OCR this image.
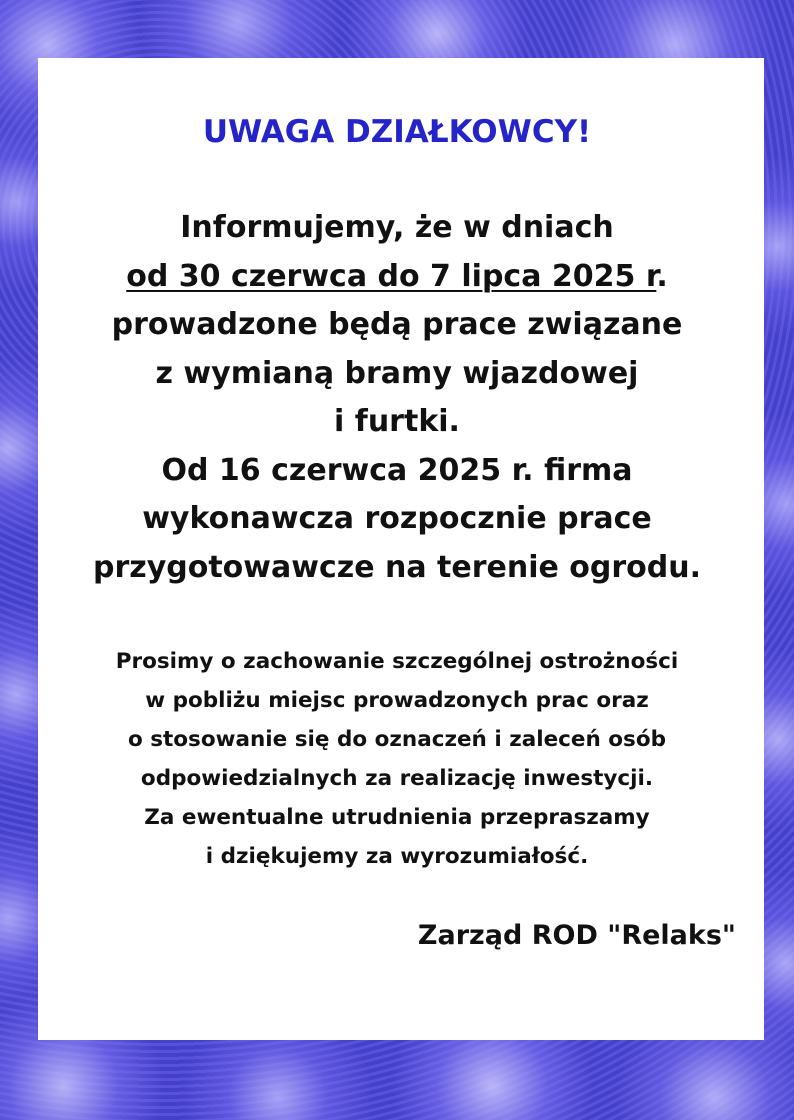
UWAGA DZIAŁKOWCY!
Informujemy, że w dniach
od 30 czerwca do 7 lipca 2025 r.
prowadzone będą prace związane
z wymianą bramy wjazdowej
i furtki.
Od 16 czerwca 2025 r. firma
wykonawcza rozpocznie prace
przygotowawcze na terenie ogrodu.
Prosimy o zachowanie szczególnej ostrożności
w pobliżu miejsc prowadzonych prac oraz
o stosowanie się do oznaczeń i zaleceń osób
odpowiedzialnych za realizację inwestycji.
Za ewentualne utrudnienia przepraszamy
i dziękujemy za wyrozumiałość.
Zarząd ROD "Relaks"
